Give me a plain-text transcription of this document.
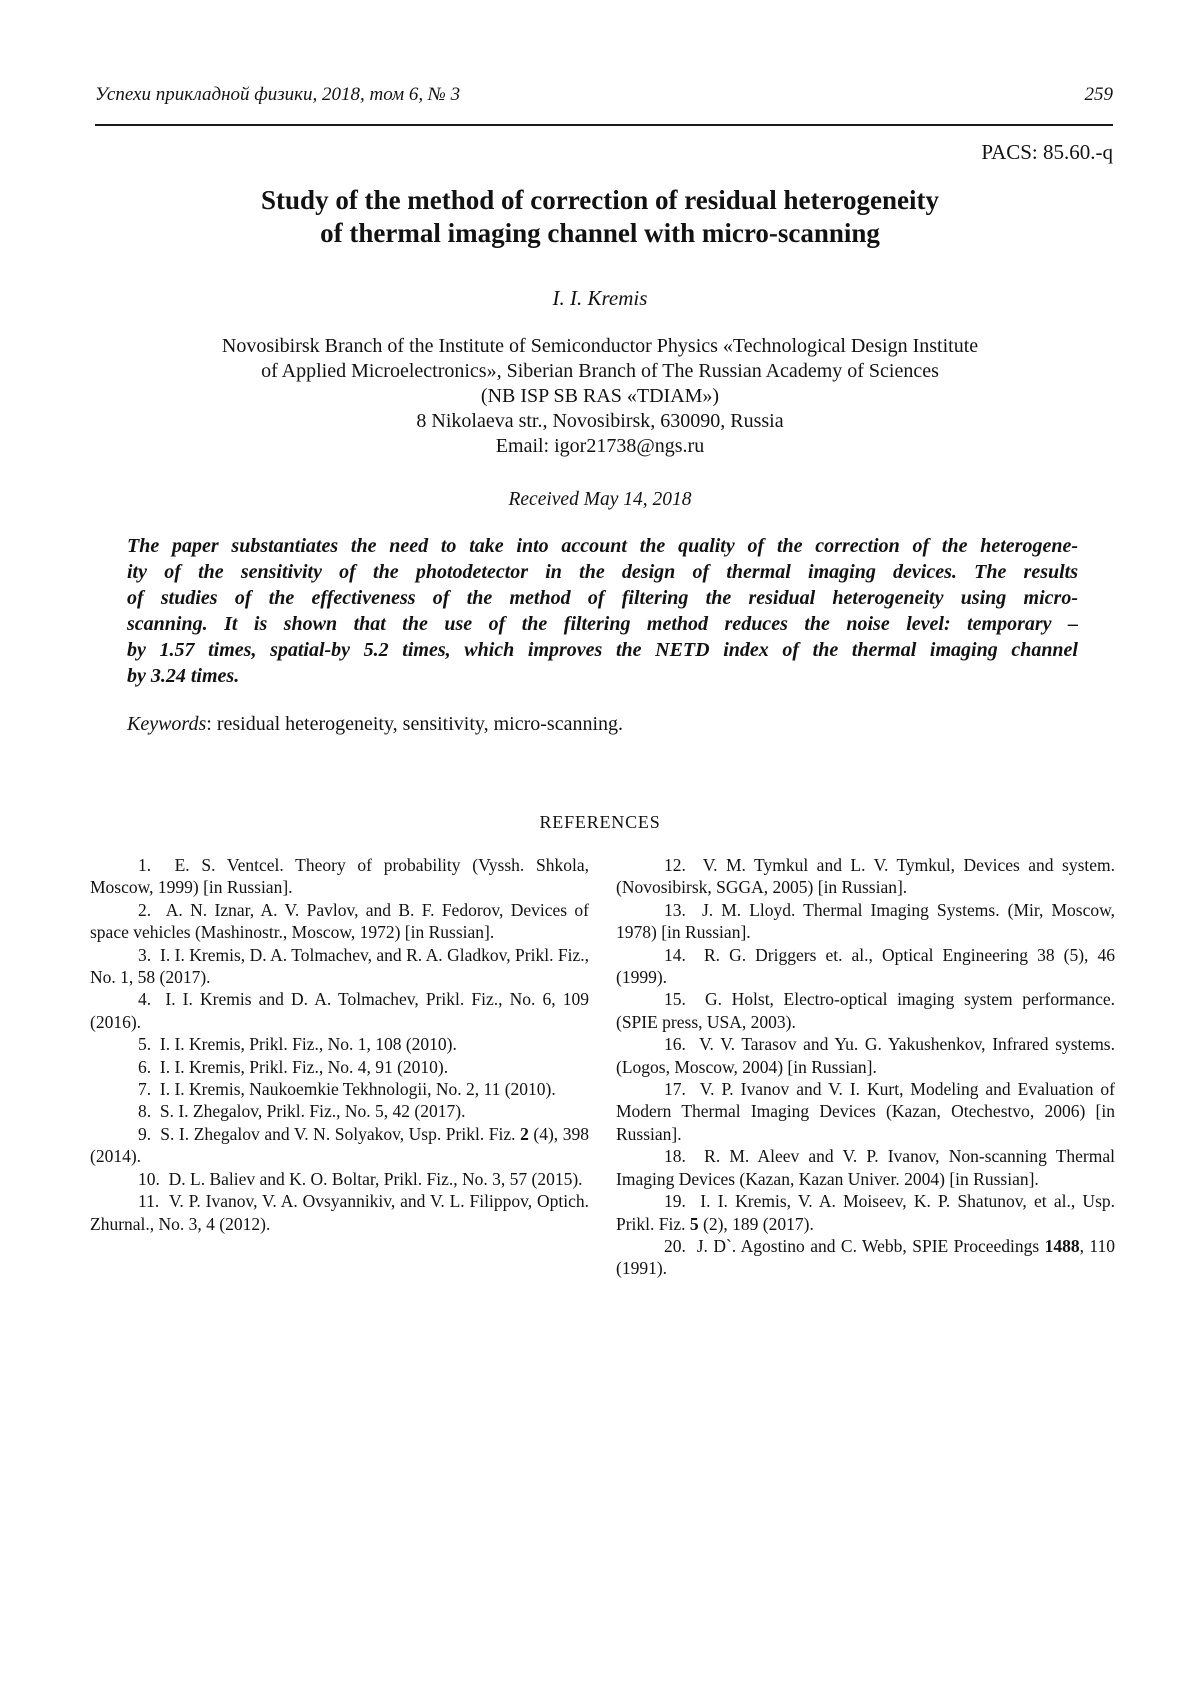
Успехи прикладной физики, 2018, том 6, № 3	259
PACS: 85.60.-q
Study of the method of correction of residual heterogeneity
of thermal imaging channel with micro-scanning
I. I. Kremis
Novosibirsk Branch of the Institute of Semiconductor Physics «Technological Design Institute
of Applied Microelectronics», Siberian Branch of The Russian Academy of Sciences
(NB ISP SB RAS «TDIAM»)
8 Nikolaeva str., Novosibirsk, 630090, Russia
Email: igor21738@ngs.ru
Received May 14, 2018
The paper substantiates the need to take into account the quality of the correction of the heterogene-
ity of the sensitivity of the photodetector in the design of thermal imaging devices. The results
of studies of the effectiveness of the method of filtering the residual heterogeneity using micro-
scanning. It is shown that the use of the filtering method reduces the noise level: temporary –
by 1.57 times, spatial-by 5.2 times, which improves the NETD index of the thermal imaging channel
by 3.24 times.
Keywords: residual heterogeneity, sensitivity, micro-scanning.
REFERENCES

1.  E. S. Ventcel. Theory of probability (Vyssh. Shkola, Moscow, 1999) [in Russian].

2.  A. N. Iznar, A. V. Pavlov, and B. F. Fedorov, Devices of space vehicles (Mashinostr., Moscow, 1972) [in Russian].

3.  I. I. Kremis, D. A. Tolmachev, and R. A. Gladkov, Prikl. Fiz., No. 1, 58 (2017).

4.  I. I. Kremis and D. A. Tolmachev, Prikl. Fiz., No. 6, 109 (2016).

5.  I. I. Kremis, Prikl. Fiz., No. 1, 108 (2010).

6.  I. I. Kremis, Prikl. Fiz., No. 4, 91 (2010).

7.  I. I. Kremis, Naukoemkie Tekhnologii, No. 2, 11 (2010).

8.  S. I. Zhegalov, Prikl. Fiz., No. 5, 42 (2017).

9.  S. I. Zhegalov and V. N. Solyakov, Usp. Prikl. Fiz. 2 (4), 398 (2014).

10.  D. L. Baliev and K. O. Boltar, Prikl. Fiz., No. 3, 57 (2015).

11.  V. P. Ivanov, V. A. Ovsyannikiv, and V. L. Filippov, Optich. Zhurnal., No. 3, 4 (2012).

12.  V. M. Tymkul and L. V. Tymkul, Devices and system. (Novosibirsk, SGGA, 2005) [in Russian].

13.  J. M. Lloyd. Thermal Imaging Systems. (Mir, Moscow, 1978) [in Russian].

14.  R. G. Driggers et. al., Optical Engineering 38 (5), 46 (1999).

15.  G. Holst, Electro-optical imaging system performance. (SPIE press, USA, 2003).

16.  V. V. Tarasov and Yu. G. Yakushenkov, Infrared systems. (Logos, Moscow, 2004) [in Russian].

17.  V. P. Ivanov and V. I. Kurt, Modeling and Evaluation of Modern Thermal Imaging Devices (Kazan, Otechestvo, 2006) [in Russian].

18.  R. M. Aleev and V. P. Ivanov, Non-scanning Thermal Imaging Devices (Kazan, Kazan Univer. 2004) [in Russian].

19.  I. I. Kremis, V. A. Moiseev, K. P. Shatunov, et al., Usp. Prikl. Fiz. 5 (2), 189 (2017).

20.  J. D`. Agostino and C. Webb, SPIE Proceedings 1488, 110 (1991).
